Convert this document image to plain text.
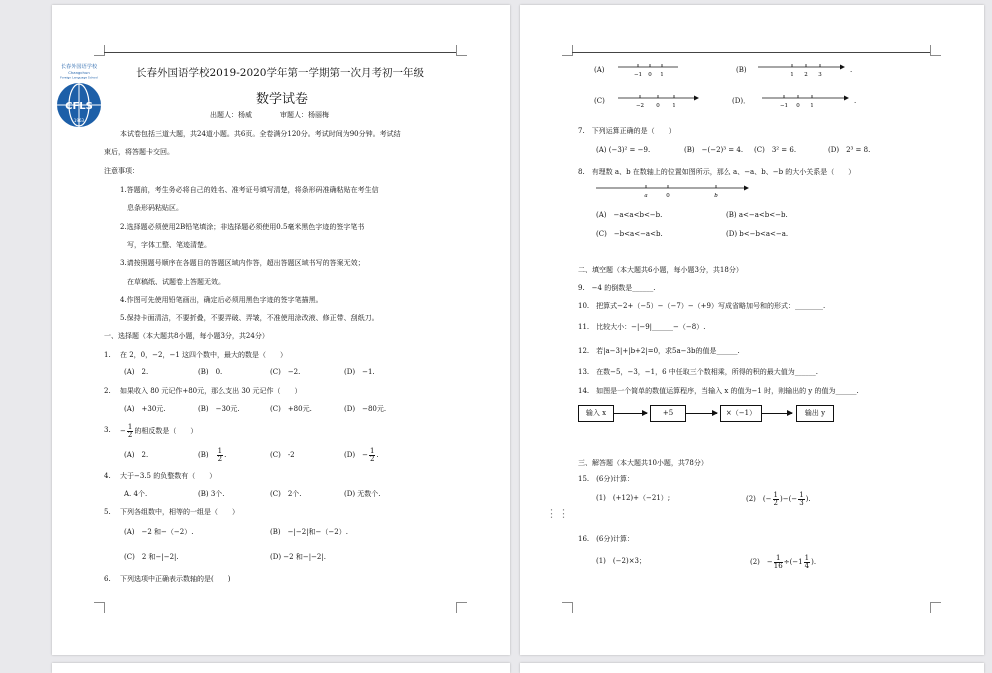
长春外国语学校
Changchun
Foreign Language School
CFLS
1963
长春外国语学校2019-2020学年第一学期第一次月考初一年级
数学试卷
出题人：杨威　　　　审题人：杨丽梅
本试卷包括三道大题，共24道小题。共6页。全卷满分120分。考试时间为90分钟。考试结
束后，将答题卡交回。
注意事项：
1.答题前，考生务必将自己的姓名、准考证号填写清楚，将条形码准确粘贴在考生信
息条形码粘贴区。
2.选择题必须使用2B铅笔填涂；非选择题必须使用0.5毫米黑色字迹的签字笔书
写，字体工整、笔迹清楚。
3.请按照题号顺序在各题目的答题区域内作答，超出答题区域书写的答案无效；
在草稿纸、试题卷上答题无效。
4.作图可先使用铅笔画出，确定后必须用黑色字迹的签字笔描黑。
5.保持卡面清洁，不要折叠，不要弄破、弄皱，不准使用涂改液、修正带、刮纸刀。
一、选择题（本大题共8小题，每小题3分，共24分）
1. 在 2，0，−2，−1 这四个数中，最大的数是（　　）
(A)　2.	(B)　0.	(C)　−2.	(D)　−1.
2. 如果收入 80 元记作+80元，那么支出 30 元记作（　　）
(A)　+30元.	(B)　−30元.	(C)　+80元.	(D)　−80元.
3. − $\frac{1}{2}$ 的相反数是（　　）
(A)　2.	(B)　 $\frac{1}{2}$ .	(C)　-2	(D)　− $\frac{1}{2}$ .
4. 大于−3.5 的负整数有（　　）
A. 4个.	(B) 3个.	(C)　2个.	(D) 无数个.
5. 下列各组数中，相等的一组是（　　）
(A)　−2 和−（−2）.	(B)　−|−2|和−（−2）.
(C)　2 和−|−2|.	(D) −2 和−|−2|.
6. 下列选项中正确表示数轴的是(　　)
(A)
−1 0 1
(B)
1 2 3
.
(C)
−2 0 1
(D)．
−1 0 1
.
7.　 下列运算正确的是（　　）
(A) (−3)² = −9.	(B)　−(−2)³ = 4. (C)　3² = 6.	(D)　2³ = 8.
8.　 有理数 a、b 在数轴上的位置如图所示，那么 a、−a、b、−b 的大小关系是（　　）
a	0	b
(A)　−a<a<b<−b.	(B) a<−a<b<−b.
(C)　−b<a<−a<b.	(D) b<−b<a<−a.
二、填空题（本大题共6小题，每小题3分，共18分）
9.　−4 的倒数是______.
10.　把算式−2+（−5）−（−7）−（+9）写成省略加号和的形式：________.
11.　比较大小：−|−9|______−（−8）.
12.　若|a−3|+|b+2|=0，求5a−3b的值是______.
13.　在数−5，−3，−1，6 中任取三个数相乘，所得的积的最大值为______.
14.　如图是一个简单的数值运算程序，当输入 x 的值为−1 时，则输出的 y 的值为______.
输入 x	+5	×（−1）	输出 y
三、解答题（本大题共10小题，共78分）
15.　(6分)计算：
(1)　(+12)+（−21）;	(2)　(− $\frac{1}{2}$ )−(− $\frac{1}{3}$ ).
16.　(6分)计算：
(1)　(−2)×3；	(2)　− $\frac{1}{16} \div(-1 \frac{1}{4}$ ).
⋮⋮
